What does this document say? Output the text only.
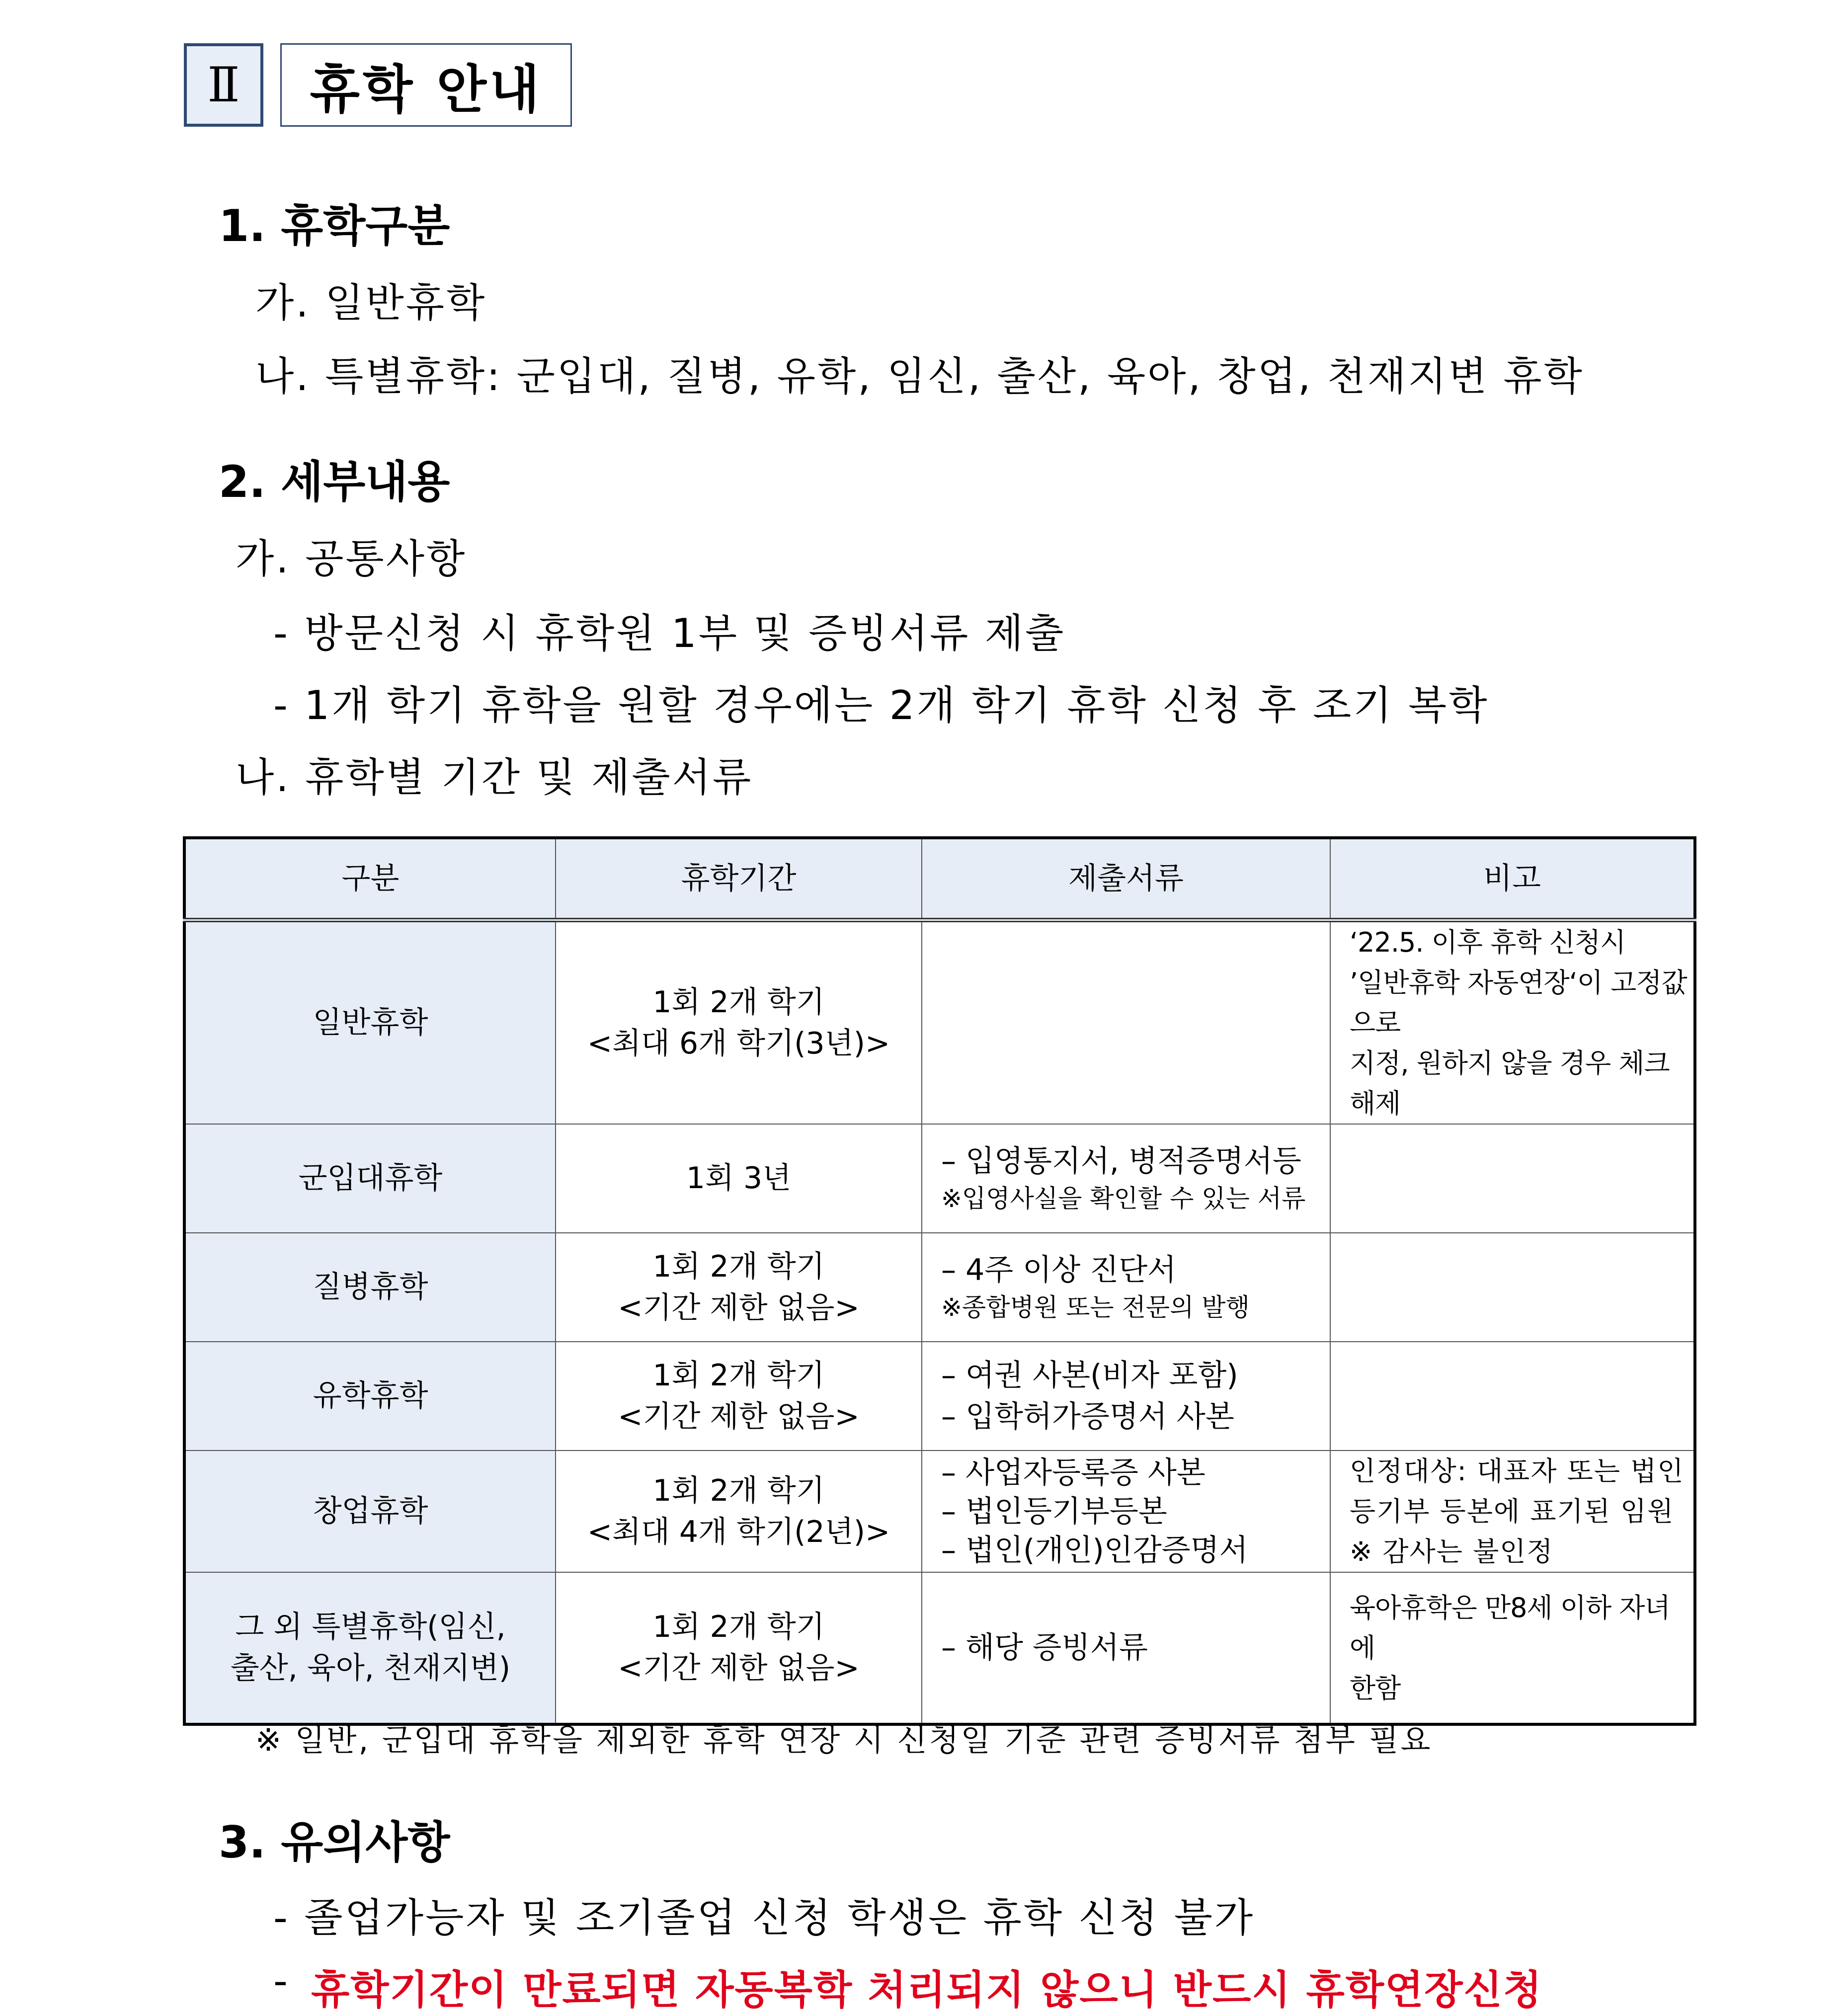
Ⅱ 휴학 안내
1. 휴학구분
가. 일반휴학
나. 특별휴학: 군입대, 질병, 유학, 임신, 출산, 육아, 창업, 천재지변 휴학
2. 세부내용
가. 공통사항
- 방문신청 시 휴학원 1부 및 증빙서류 제출
- 1개 학기 휴학을 원할 경우에는 2개 학기 휴학 신청 후 조기 복학
나. 휴학별 기간 및 제출서류
구분	휴학기간	제출서류	비고
일반휴학	1회 2개 학기
<최대 6개 학기(3년)>		‘22.5. 이후 휴학 신청시
’일반휴학 자동연장‘이 고정값으로
지정, 원하지 않을 경우 체크해제

군입대휴학	1회 3년	– 입영통지서, 병적증명서등
※입영사실을 확인할 수 있는 서류	

질병휴학	1회 2개 학기
<기간 제한 없음>	– 4주 이상 진단서
※종합병원 또는 전문의 발행	

유학휴학	1회 2개 학기
<기간 제한 없음>	– 여권 사본(비자 포함)
– 입학허가증명서 사본	

창업휴학	1회 2개 학기
<최대 4개 학기(2년)>	– 사업자등록증 사본
– 법인등기부등본
– 법인(개인)인감증명서	인정대상: 대표자 또는 법인
등기부 등본에 표기된 임원
※ 감사는 불인정

그 외 특별휴학(임신,
출산, 육아, 천재지변)	1회 2개 학기
<기간 제한 없음>	– 해당 증빙서류	육아휴학은 만8세 이하 자녀에
한함
※ 일반, 군입대 휴학을 제외한 휴학 연장 시 신청일 기준 관련 증빙서류 첨부 필요
3. 유의사항
- 졸업가능자 및 조기졸업 신청 학생은 휴학 신청 불가
- 휴학기간이 만료되면 자동복학 처리되지 않으니 반드시 휴학연장신청
